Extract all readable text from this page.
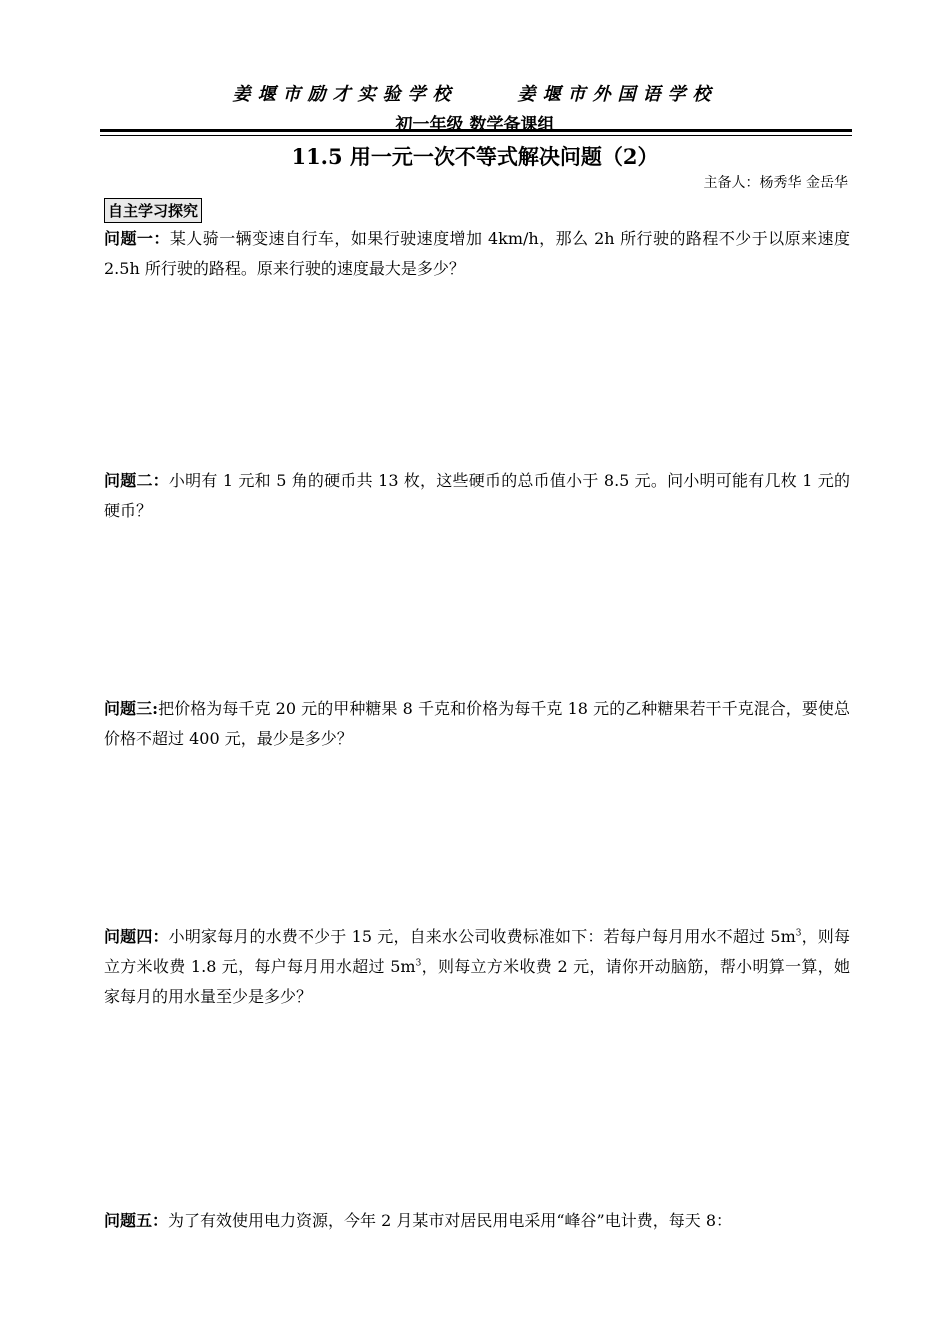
姜堰市励才实验学校	姜堰市外国语学校
初一年级 数学备课组
11.5 用一元一次不等式解决问题（2）
主备人：杨秀华 金岳华
自主学习探究
问题一：某人骑一辆变速自行车，如果行驶速度增加 4km/h，那么 2h 所行驶的路程不少于以原来速度 2.5h 所行驶的路程。原来行驶的速度最大是多少？
问题二：小明有 1 元和 5 角的硬币共 13 枚，这些硬币的总币值小于 8.5 元。问小明可能有几枚 1 元的硬币？
问题三:把价格为每千克 20 元的甲种糖果 8 千克和价格为每千克 18 元的乙种糖果若干千克混合，要使总价格不超过 400 元，最少是多少？
问题四：小明家每月的水费不少于 15 元，自来水公司收费标准如下：若每户每月用水不超过 $5m^3$，则每立方米收费 1.8 元，每户每月用水超过 $5m^3$，则每立方米收费 2 元，请你开动脑筋，帮小明算一算，她家每月的用水量至少是多少？
问题五：为了有效使用电力资源，今年 2 月某市对居民用电采用“峰谷”电计费，每天 8：
